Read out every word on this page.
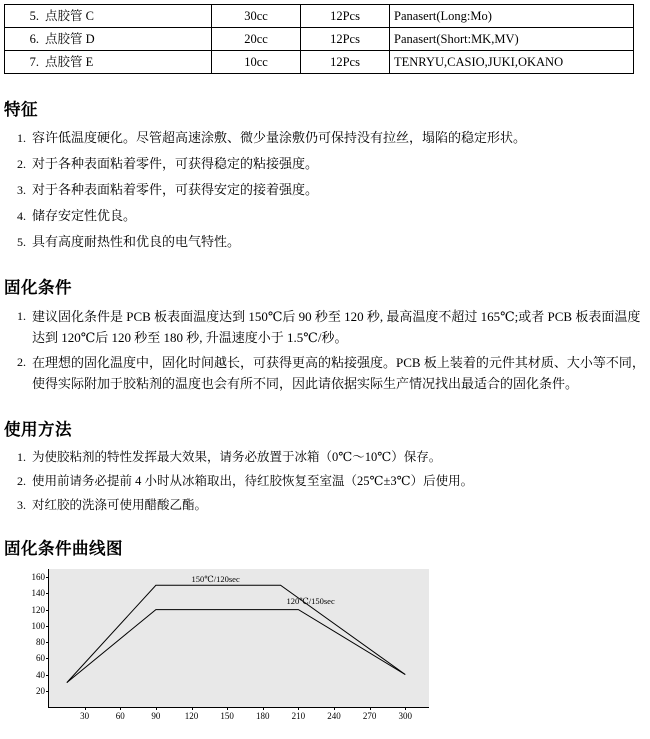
5. 点胶管 C	30cc	12Pcs	Panasert(Long:Mo)
6. 点胶管 D	20cc	12Pcs	Panasert(Short:MK,MV)
7. 点胶管 E	10cc	12Pcs	TENRYU,CASIO,JUKI,OKANO
特征
1. 容许低温度硬化。尽管超高速涂敷、微少量涂敷仍可保持没有拉丝，塌陷的稳定形状。
2. 对于各种表面粘着零件，可获得稳定的粘接强度。
3. 对于各种表面粘着零件，可获得安定的接着强度。
4. 储存安定性优良。
5. 具有高度耐热性和优良的电气特性。
固化条件
1. 建议固化条件是 PCB 板表面温度达到 150℃后 90 秒至 120 秒, 最高温度不超过 165℃;或者 PCB 板表面温度达到 120℃后 120 秒至 180 秒, 升温速度小于 1.5℃/秒。
2. 在理想的固化温度中，固化时间越长，可获得更高的粘接强度。PCB 板上装着的元件其材质、大小等不同，使得实际附加于胶粘剂的温度也会有所不同，因此请依据实际生产情况找出最适合的固化条件。
使用方法
1. 为使胶粘剂的特性发挥最大效果，请务必放置于冰箱（0℃～10℃）保存。
2. 使用前请务必提前 4 小时从冰箱取出，待红胶恢复至室温（25℃±3℃）后使用。
3. 对红胶的洗涤可使用醋酸乙酯。
固化条件曲线图
20
40
60
80
100
120
140
160
30	60	90	120 150 180 210 240 270 300
150℃/120sec
120℃/150sec
